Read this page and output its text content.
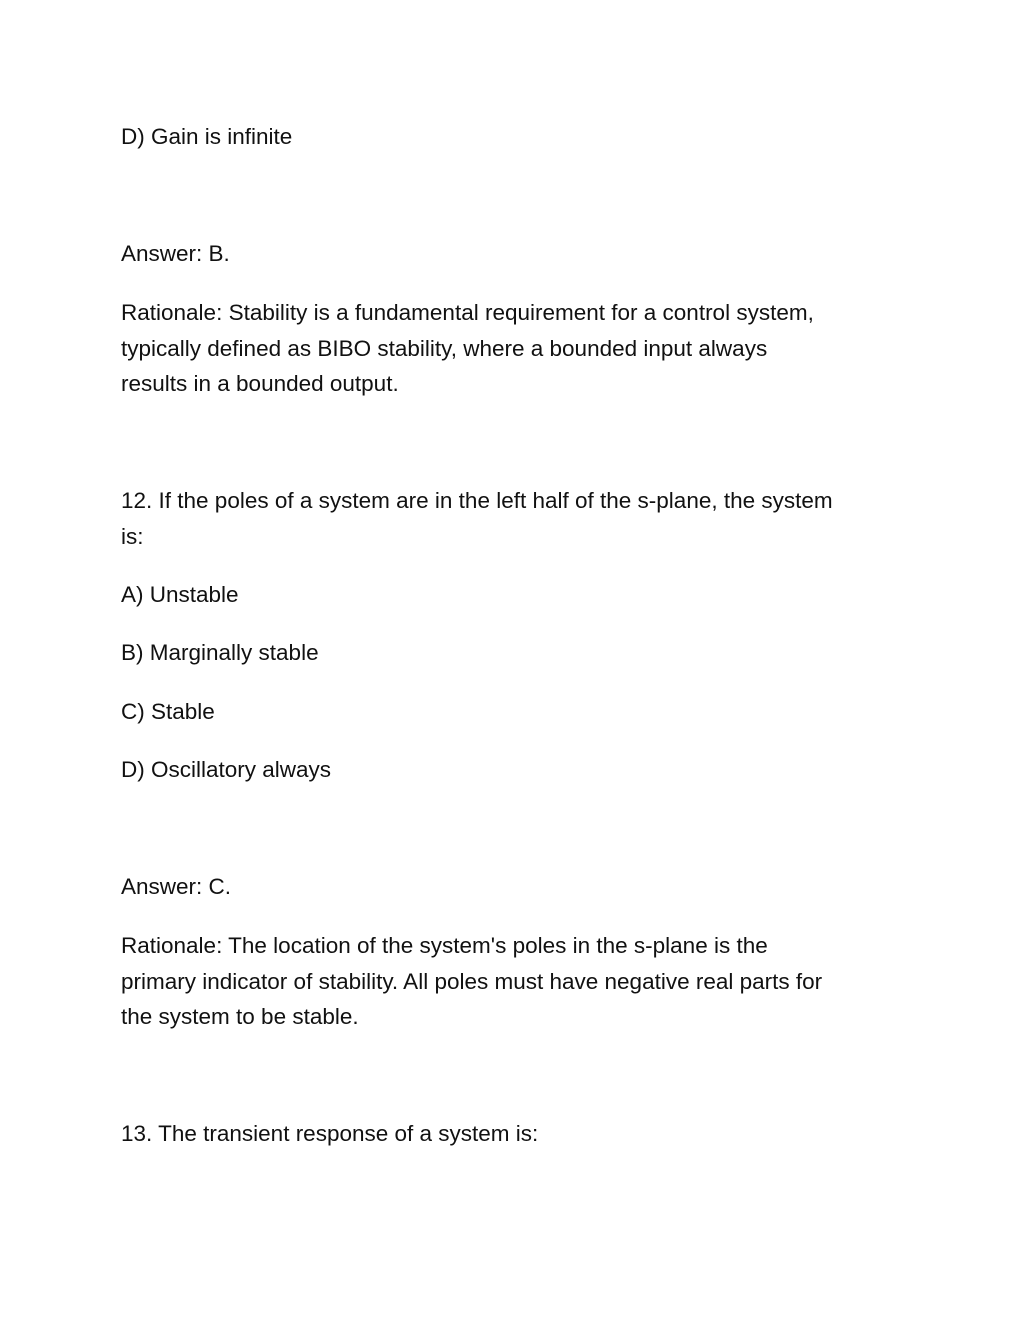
D) Gain is infinite
Answer: B.
Rationale: Stability is a fundamental requirement for a control system,
typically defined as BIBO stability, where a bounded input always
results in a bounded output.
12. If the poles of a system are in the left half of the s-plane, the system
is:
A) Unstable
B) Marginally stable
C) Stable
D) Oscillatory always
Answer: C.
Rationale: The location of the system's poles in the s-plane is the
primary indicator of stability. All poles must have negative real parts for
the system to be stable.
13. The transient response of a system is:
